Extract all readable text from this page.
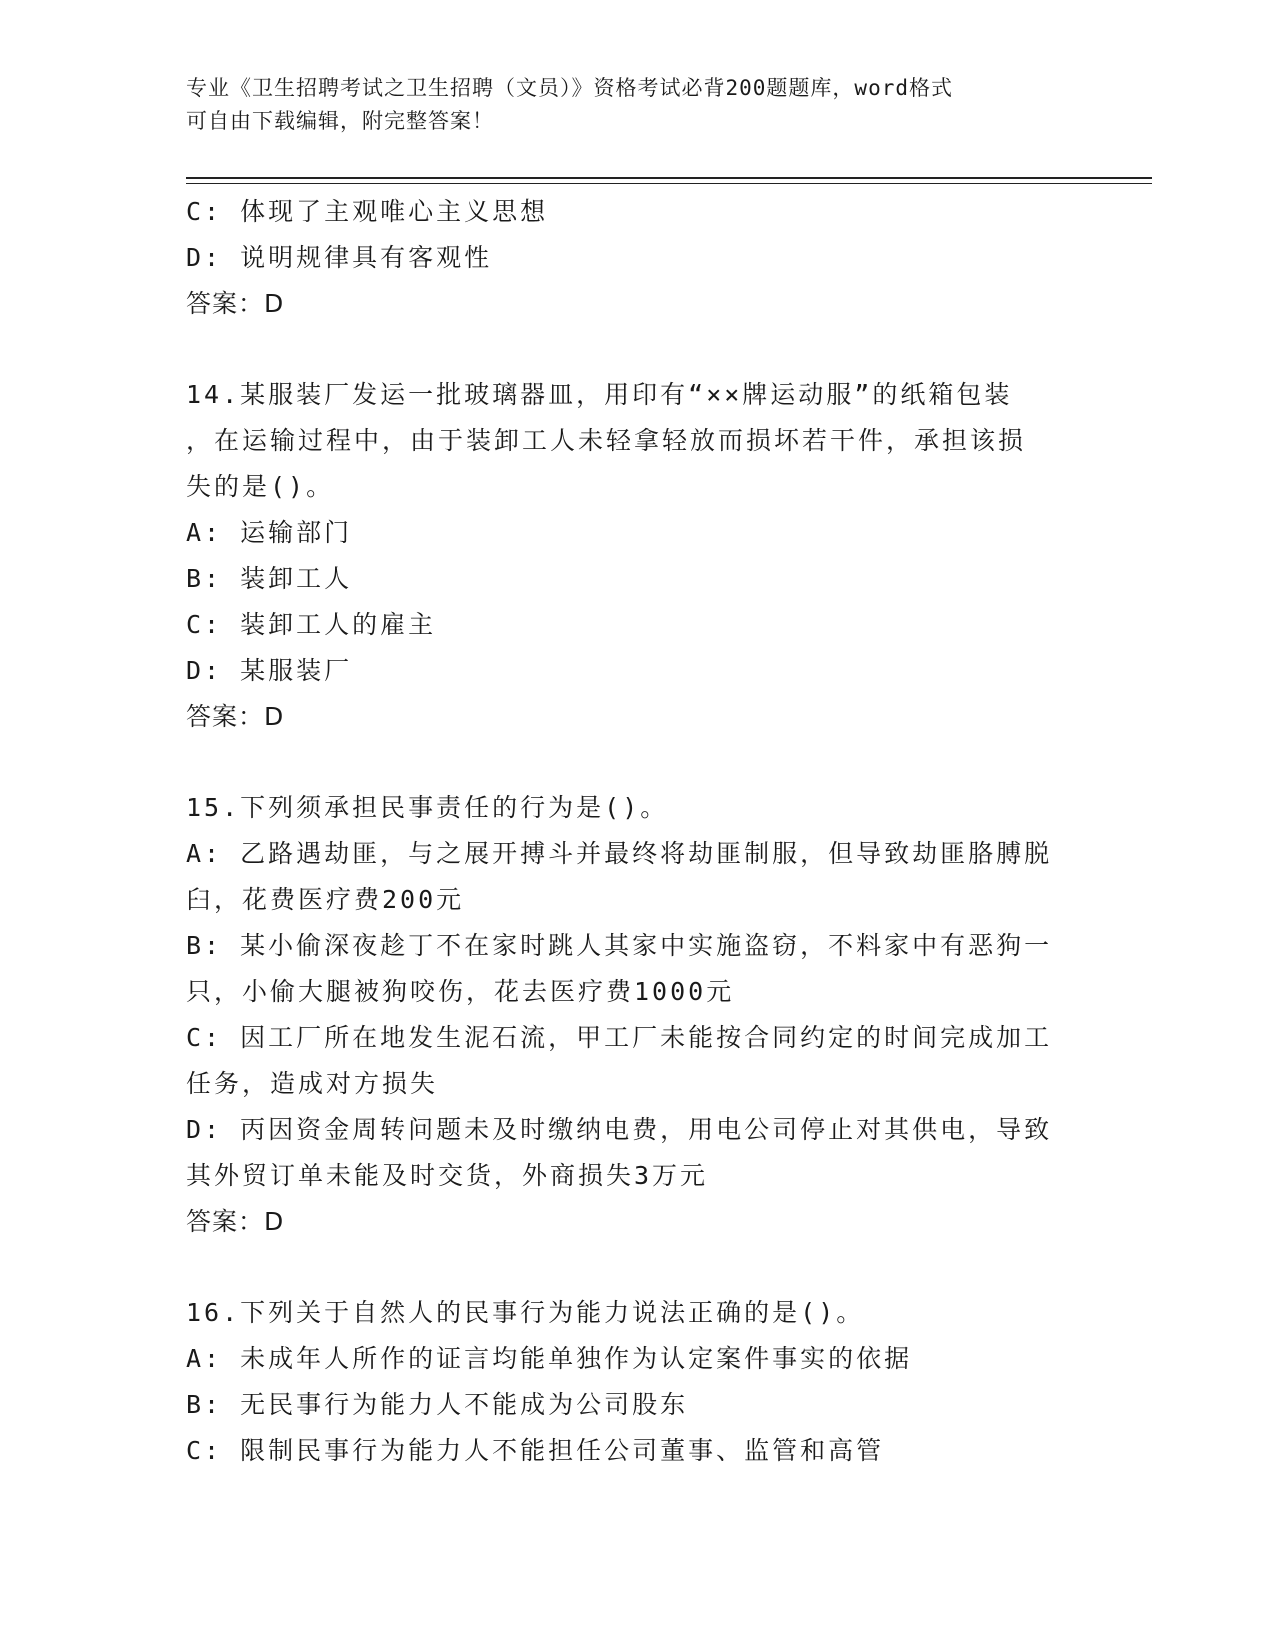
专业《卫生招聘考试之卫生招聘（文员）》资格考试必背200题题库，word格式
可自由下载编辑，附完整答案！
C: 体现了主观唯心主义思想
D: 说明规律具有客观性
答案：D
14.某服装厂发运一批玻璃器皿，用印有“××牌运动服”的纸箱包装
，在运输过程中，由于装卸工人未轻拿轻放而损坏若干件，承担该损
失的是()。
A: 运输部门
B: 装卸工人
C: 装卸工人的雇主
D: 某服装厂
答案：D
15.下列须承担民事责任的行为是()。
A: 乙路遇劫匪，与之展开搏斗并最终将劫匪制服，但导致劫匪胳膊脱
臼，花费医疗费200元
B: 某小偷深夜趁丁不在家时跳人其家中实施盗窃，不料家中有恶狗一
只，小偷大腿被狗咬伤，花去医疗费1000元
C: 因工厂所在地发生泥石流，甲工厂未能按合同约定的时间完成加工
任务，造成对方损失
D: 丙因资金周转问题未及时缴纳电费，用电公司停止对其供电，导致
其外贸订单未能及时交货，外商损失3万元
答案：D
16.下列关于自然人的民事行为能力说法正确的是()。
A: 未成年人所作的证言均能单独作为认定案件事实的依据
B: 无民事行为能力人不能成为公司股东
C: 限制民事行为能力人不能担任公司董事、监管和高管
